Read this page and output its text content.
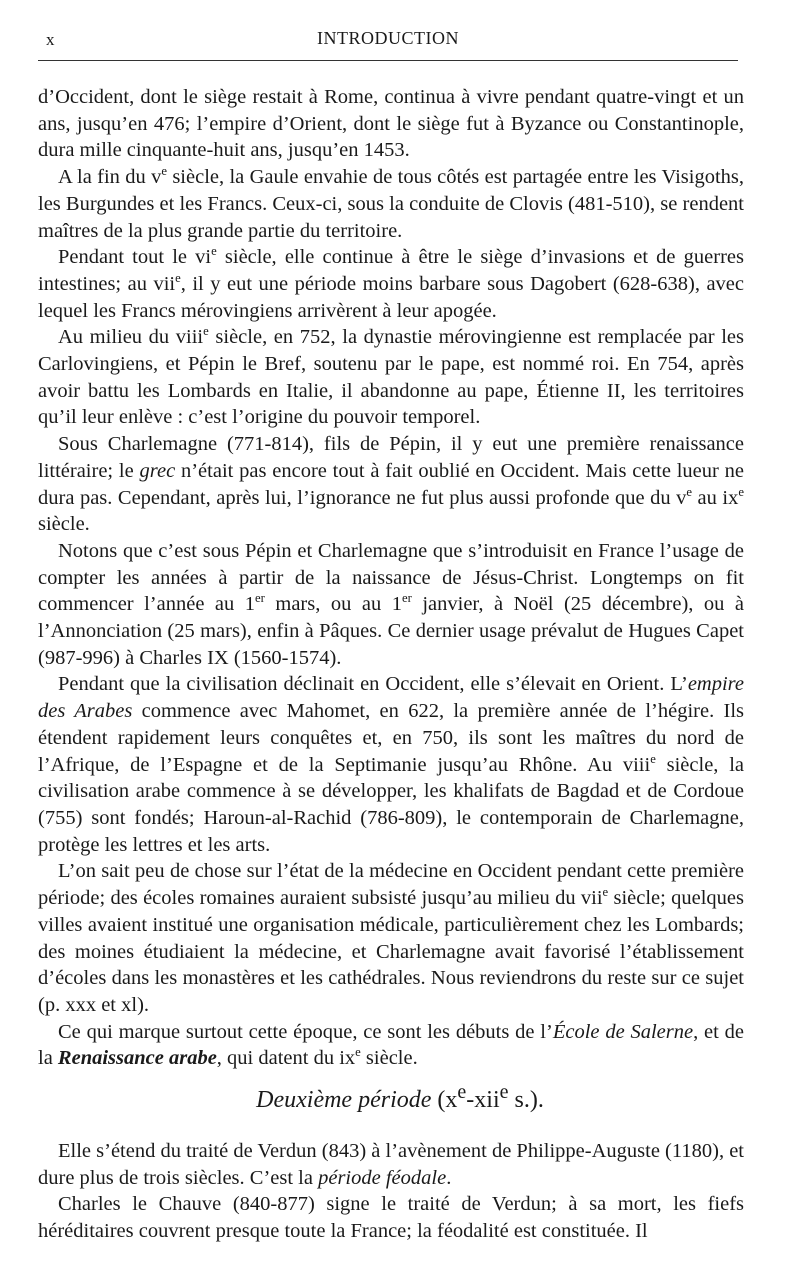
x	INTRODUCTION

d’Occident, dont le siège restait à Rome, continua à vivre pendant quatre-vingt et un ans, jusqu’en 476; l’empire d’Orient, dont le siège fut à Byzance ou Constantinople, dura mille cinquante-huit ans, jusqu’en 1453.

A la fin du $v^e$ siècle, la Gaule envahie de tous côtés est partagée entre les Visigoths, les Burgundes et les Francs. Ceux-ci, sous la conduite de Clovis (481-510), se rendent maîtres de la plus grande partie du territoire.

Pendant tout le $vi^e$ siècle, elle continue à être le siège d’invasions et de guerres intestines; au vii$^e$, il y eut une période moins barbare sous Dagobert (628-638), avec lequel les Francs mérovingiens arrivèrent à leur apogée.

Au milieu du viii$^e$ siècle, en 752, la dynastie mérovingienne est remplacée par les Carlovingiens, et Pépin le Bref, soutenu par le pape, est nommé roi. En 754, après avoir battu les Lombards en Italie, il abandonne au pape, Étienne II, les territoires qu’il leur enlève : c’est l’origine du pouvoir temporel.

Sous Charlemagne (771-814), fils de Pépin, il y eut une première renaissance littéraire; le grec n’était pas encore tout à fait oublié en Occident. Mais cette lueur ne dura pas. Cependant, après lui, l’ignorance ne fut plus aussi profonde que du $v^e$ au $ix^e$ siècle.

Notons que c’est sous Pépin et Charlemagne que s’introduisit en France l’usage de compter les années à partir de la naissance de Jésus-Christ. Longtemps on fit commencer l’année au 1er mars, ou au 1er janvier, à Noël (25 décembre), ou à l’Annonciation (25 mars), enfin à Pâques. Ce dernier usage prévalut de Hugues Capet (987-996) à Charles IX (1560-1574).

Pendant que la civilisation déclinait en Occident, elle s’élevait en Orient. L’empire des Arabes commence avec Mahomet, en 622, la première année de l’hégire. Ils étendent rapidement leurs conquêtes et, en 750, ils sont les maîtres du nord de l’Afrique, de l’Espagne et de la Septimanie jusqu’au Rhône. Au viii$^e$ siècle, la civilisation arabe commence à se développer, les khalifats de Bagdad et de Cordoue (755) sont fondés; Haroun-al-Rachid (786-809), le contemporain de Charlemagne, protège les lettres et les arts.

L’on sait peu de chose sur l’état de la médecine en Occident pendant cette première période; des écoles romaines auraient subsisté jusqu’au milieu du vii$^e$ siècle; quelques villes avaient institué une organisation médicale, particulièrement chez les Lombards; des moines étudiaient la médecine, et Charlemagne avait favorisé l’établissement d’écoles dans les monastères et les cathédrales. Nous reviendrons du reste sur ce sujet (p. xxx et xl).

Ce qui marque surtout cette époque, ce sont les débuts de l’École de Salerne, et de la Renaissance arabe, qui datent du $ix^e$ siècle.

Deuxième période ($x^e-xii^e$ s.).

Elle s’étend du traité de Verdun (843) à l’avènement de Philippe-Auguste (1180), et dure plus de trois siècles. C’est la période féodale.

Charles le Chauve (840-877) signe le traité de Verdun; à sa mort, les fiefs héréditaires couvrent presque toute la France; la féodalité est constituée. Il
